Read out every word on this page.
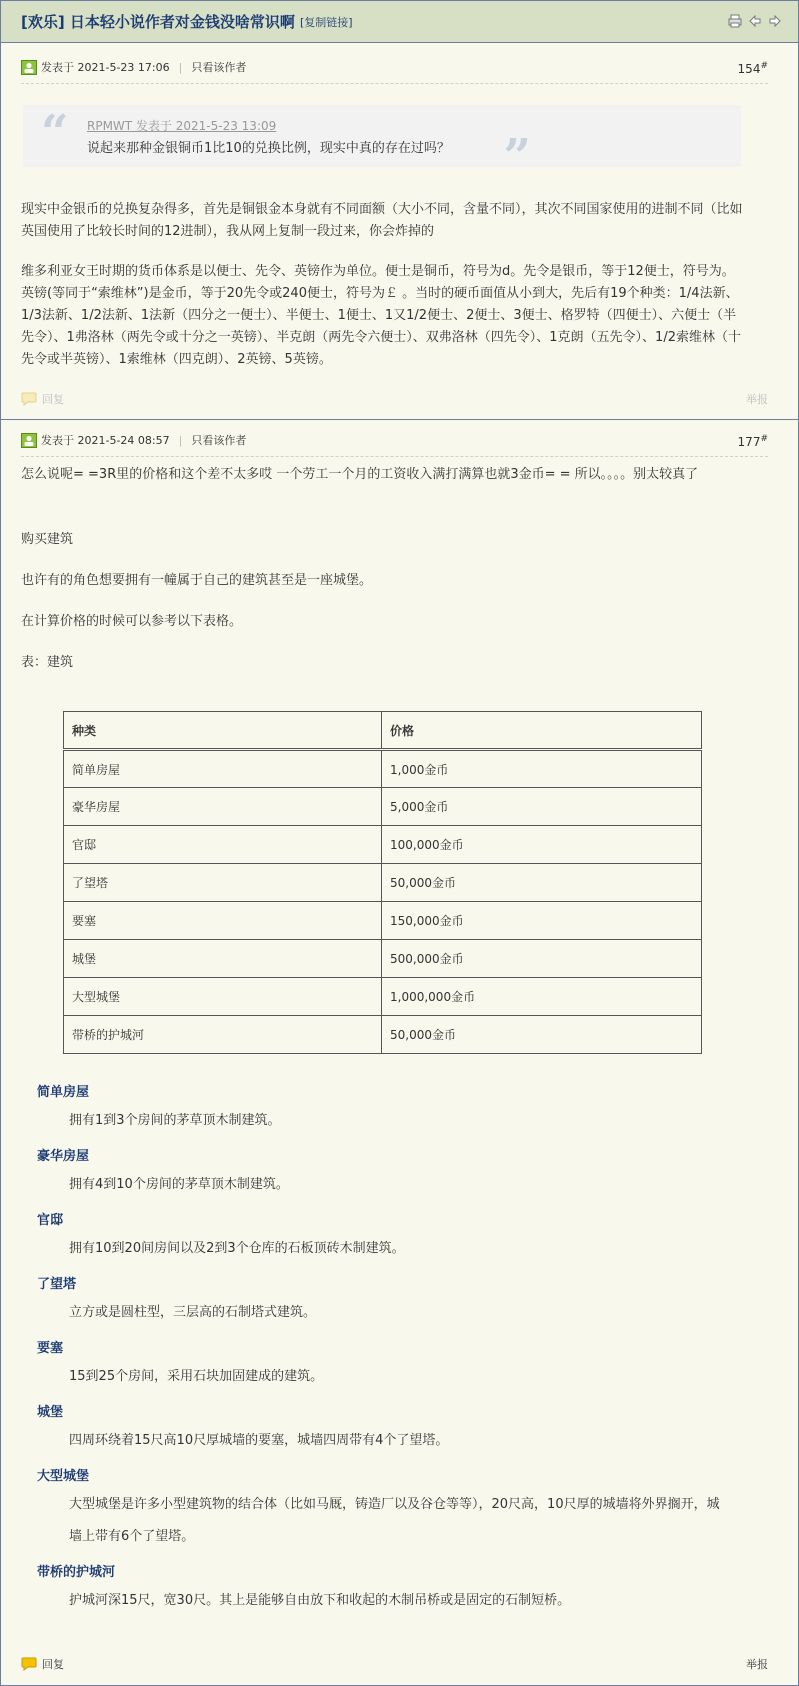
[欢乐] 日本轻小说作者对金钱没啥常识啊 [复制链接]
发表于 2021-5-23 17:06 | 只看该作者	154#
“ RPMWT 发表于 2021-5-23 13:09
说起来那种金银铜币1比10的兑换比例，现实中真的存在过吗？ ”
现实中金银币的兑换复杂得多，首先是铜银金本身就有不同面额（大小不同，含量不同），其次不同国家使用的进制不同（比如英国使用了比较长时间的12进制），我从网上复制一段过来，你会炸掉的
维多利亚女王时期的货币体系是以便士、先令、英镑作为单位。便士是铜币，符号为d。先令是银币，等于12便士，符号为。英镑(等同于“索维林”)是金币，等于20先令或240便士，符号为￡ 。当时的硬币面值从小到大，先后有19个种类：1/4法新、1/3法新、1/2法新、1法新（四分之一便士）、半便士、1便士、1又1/2便士、2便士、3便士、格罗特（四便士）、六便士（半先令）、1弗洛林（两先令或十分之一英镑）、半克朗（两先令六便士）、双弗洛林（四先令）、1克朗（五先令）、1/2索维林（十先令或半英镑）、1索维林（四克朗）、2英镑、5英镑。
回复	举报
发表于 2021-5-24 08:57 | 只看该作者	177#
怎么说呢= =3R里的价格和这个差不太多哎 一个劳工一个月的工资收入满打满算也就3金币= = 所以。。。。别太较真了
购买建筑
也许有的角色想要拥有一幢属于自己的建筑甚至是一座城堡。
在计算价格的时候可以参考以下表格。
表：建筑
种类	价格
简单房屋	1,000金币
豪华房屋	5,000金币
官邸	100,000金币
了望塔	50,000金币
要塞	150,000金币
城堡	500,000金币
大型城堡	1,000,000金币
带桥的护城河	50,000金币
简单房屋
拥有1到3个房间的茅草顶木制建筑。
豪华房屋
拥有4到10个房间的茅草顶木制建筑。
官邸
拥有10到20间房间以及2到3个仓库的石板顶砖木制建筑。
了望塔
立方或是圆柱型，三层高的石制塔式建筑。
要塞
15到25个房间，采用石块加固建成的建筑。
城堡
四周环绕着15尺高10尺厚城墙的要塞，城墙四周带有4个了望塔。
大型城堡
大型城堡是许多小型建筑物的结合体（比如马厩，铸造厂以及谷仓等等），20尺高，10尺厚的城墙将外界搁开，城墙上带有6个了望塔。
带桥的护城河
护城河深15尺，宽30尺。其上是能够自由放下和收起的木制吊桥或是固定的石制短桥。
回复	举报
